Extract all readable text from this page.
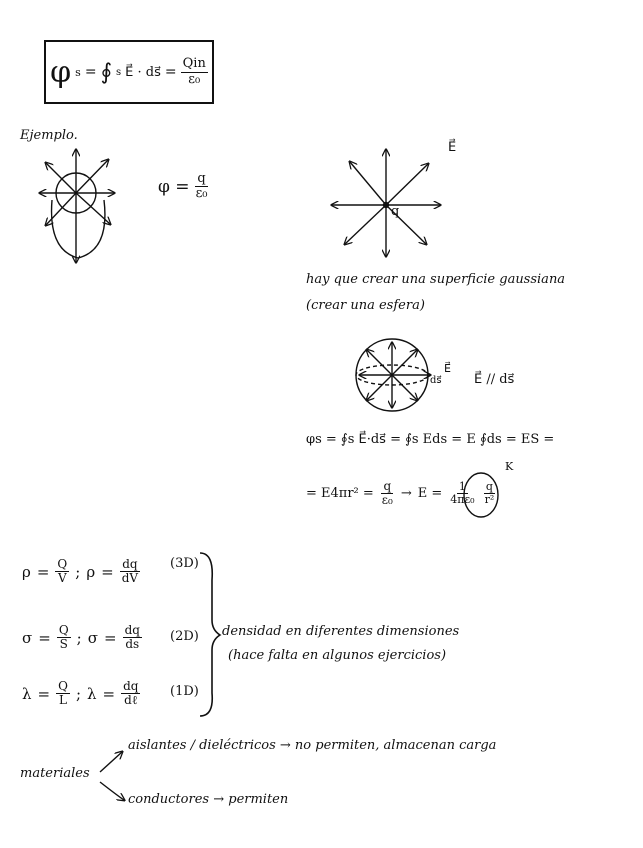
φ s = ∮ s E⃗ · ds⃗ = $\frac{\text{Qin}}{\text{ε₀}}$
Ejemplo.
$\varphi = \frac{q}{\text{ε₀}}$
E⃗
q
hay que crear una superficie gaussiana
(crear una esfera)
E⃗
ds⃗ E⃗ // ds⃗
φs = ∮s E⃗·ds⃗ = ∮s Eds = E ∮ds = ES =
= $E4\pi r^2 = \frac{q}{\text{ε₀}} \to E = \frac{1}{\text{4πε₀}} \frac{q}{\text{r²}}$
K
$\rho = \frac{Q}{V}$ ; $\rho = \frac{dq}{dV} (3D)$
$\sigma = \frac{Q}{S}$ ; $\sigma = \frac{dq}{ds} (2D)$
$\lambda = \frac{Q}{L}$ ; $\lambda = \frac{dq}{\text{dℓ}} (1D)$
densidad en diferentes dimensiones
(hace falta en algunos ejercicios)
materiales
aislantes / dieléctricos → no permiten, almacenan carga
conductores → permiten
